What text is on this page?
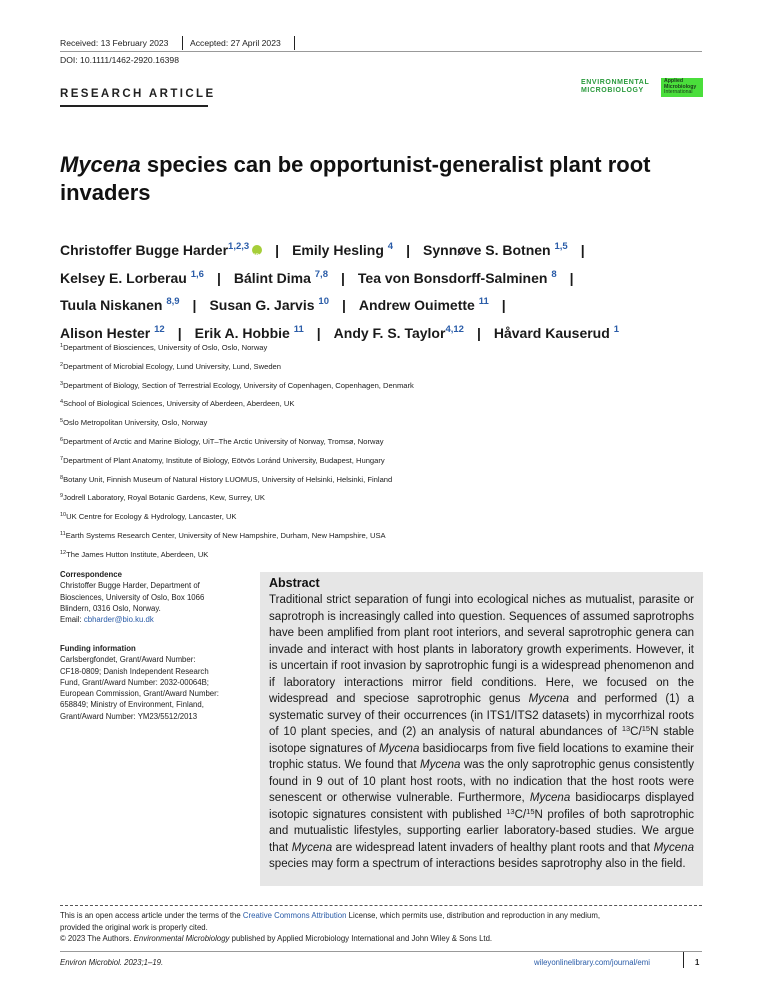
Received: 13 February 2023	Accepted: 27 April 2023
DOI: 10.1111/1462-2920.16398
RESEARCH ARTICLE
ENVIRONMENTAL
MICROBIOLOGY
Applied
Microbiology
International
Mycena species can be opportunist-generalist plant root
invaders
Christoffer Bugge Harder$^{1,2,3}$iD | Emily Hesling $^4$ | Synnøve S. Botnen $^{1,5}$ |
Kelsey E. Lorberau $^{1,6}$ | Bálint Dima $^{7,8}$ | Tea von Bonsdorff-Salminen $^8$ |
Tuula Niskanen $^{8,9}$ | Susan G. Jarvis $^{10}$ | Andrew Ouimette $^{11}$ |
Alison Hester $^{12}$ | Erik A. Hobbie $^{11}$ | Andy F. S. Taylor$^{4,12}$ | Håvard Kauserud $^1$
$^1$Department of Biosciences, University of Oslo, Oslo, Norway
$^2$Department of Microbial Ecology, Lund University, Lund, Sweden
$^3$Department of Biology, Section of Terrestrial Ecology, University of Copenhagen, Copenhagen, Denmark
$^4$School of Biological Sciences, University of Aberdeen, Aberdeen, UK
$^5$Oslo Metropolitan University, Oslo, Norway
$^6$Department of Arctic and Marine Biology, UiT–The Arctic University of Norway, Tromsø, Norway
$^7$Department of Plant Anatomy, Institute of Biology, Eötvös Loránd University, Budapest, Hungary
$^8$Botany Unit, Finnish Museum of Natural History LUOMUS, University of Helsinki, Helsinki, Finland
$^9$Jodrell Laboratory, Royal Botanic Gardens, Kew, Surrey, UK
$^{10}$UK Centre for Ecology & Hydrology, Lancaster, UK
$^{11}$Earth Systems Research Center, University of New Hampshire, Durham, New Hampshire, USA
$^{12}$The James Hutton Institute, Aberdeen, UK
Correspondence
Christoffer Bugge Harder, Department of
Biosciences, University of Oslo, Box 1066
Blindern, 0316 Oslo, Norway.
Email: cbharder@bio.ku.dk
Funding information
Carlsbergfondet, Grant/Award Number:
CF18-0809; Danish Independent Research
Fund, Grant/Award Number: 2032-00064B;
European Commission, Grant/Award Number:
658849; Ministry of Environment, Finland,
Grant/Award Number: YM23/5512/2013
Abstract
Traditional strict separation of fungi into ecological niches as mutualist, parasite or saprotroph is increasingly called into question. Sequences of assumed saprotrophs have been amplified from plant root interiors, and several saprotrophic genera can invade and interact with host plants in laboratory growth experiments. However, it is uncertain if root invasion by saprotrophic fungi is a widespread phenomenon and if laboratory interactions mirror field conditions. Here, we focused on the widespread and speciose saprotrophic genus Mycena and performed (1) a systematic survey of their occurrences (in ITS1/ITS2 datasets) in mycorrhizal roots of 10 plant species, and (2) an analysis of natural abundances of $^{13}$C/$^{15}$N stable isotope signatures of Mycena basidiocarps from five field locations to examine their trophic status. We found that Mycena was the only saprotrophic genus consistently found in 9 out of 10 plant host roots, with no indication that the host roots were senescent or otherwise vulnerable. Furthermore, Mycena basidiocarps displayed isotopic signatures consistent with published $^{13}$C/$^{15}$N profiles of both saprotrophic and mutualistic lifestyles, supporting earlier laboratory-based studies. We argue that Mycena are widespread latent invaders of healthy plant roots and that Mycena species may form a spectrum of interactions besides saprotrophy also in the field.
This is an open access article under the terms of the Creative Commons Attribution License, which permits use, distribution and reproduction in any medium,
provided the original work is properly cited.
© 2023 The Authors. Environmental Microbiology published by Applied Microbiology International and John Wiley & Sons Ltd.
Environ Microbiol. 2023;1–19.	wileyonlinelibrary.com/journal/emi	1
